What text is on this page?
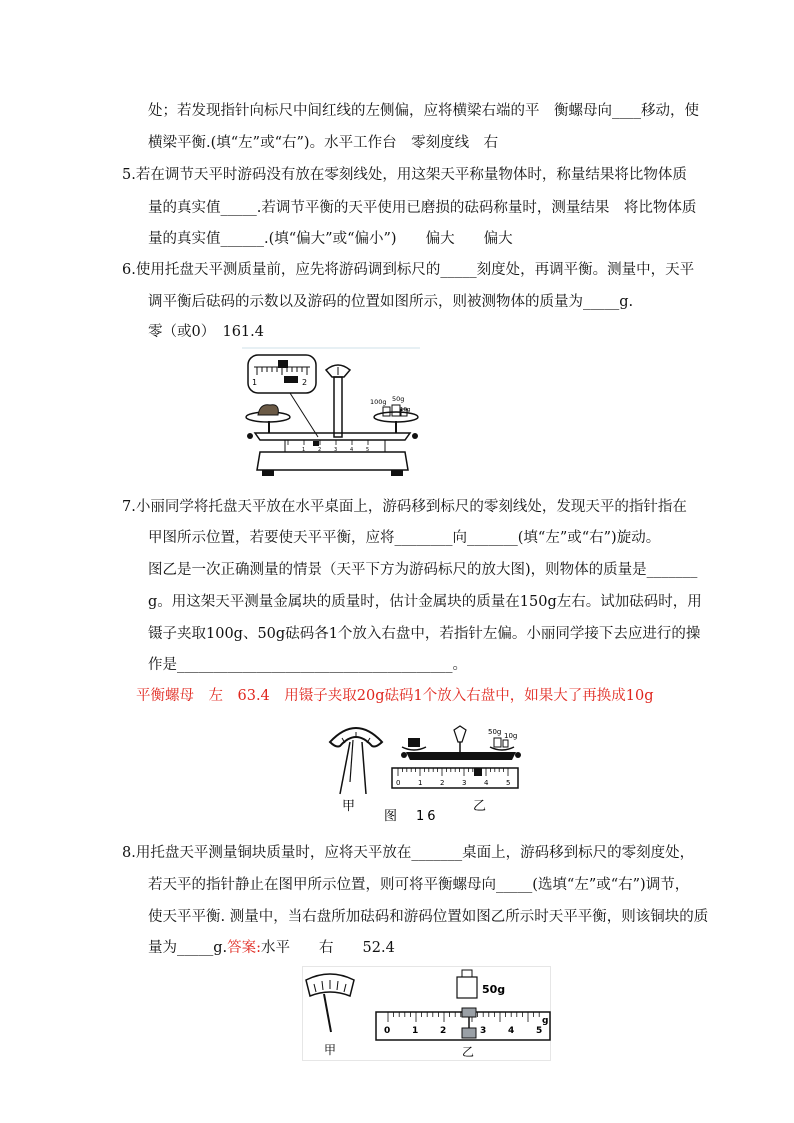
处；若发现指针向标尺中间红线的左侧偏，应将横梁右端的平　衡螺母向____移动，使
横梁平衡.(填“左”或“右”)。水平工作台　零刻度线　右
5.若在调节天平时游码没有放在零刻线处，用这架天平称量物体时，称量结果将比物体质
量的真实值_____.若调节平衡的天平使用已磨损的砝码称量时，测量结果　将比物体质
量的真实值______.(填“偏大”或“偏小”)　　偏大　　偏大
6.使用托盘天平测质量前，应先将游码调到标尺的_____刻度处，再调平衡。测量中，天平
调平衡后砝码的示数以及游码的位置如图所示，则被测物体的质量为_____g.
零（或0）　161.4
1	2
100g 50g
10g
1	2	3	4	5
7.小丽同学将托盘天平放在水平桌面上，游码移到标尺的零刻线处，发现天平的指针指在
甲图所示位置，若要使天平平衡，应将________向_______(填“左”或“右”)旋动。
图乙是一次正确测量的情景（天平下方为游码标尺的放大图)，则物体的质量是_______
g。用这架天平测量金属块的质量时，估计金属块的质量在150g左右。试加砝码时，用
镊子夹取100g、50g砝码各1个放入右盘中，若指针左偏。小丽同学接下去应进行的操
作是______________________________________。
平衡螺母　左　63.4　用镊子夹取20g砝码1个放入右盘中，如果大了再换成10g
甲
图　16
50g 10g
0	1	2	3	4	5
乙
8.用托盘天平测量铜块质量时，应将天平放在_______桌面上，游码移到标尺的零刻度处，
若天平的指针静止在图甲所示位置，则可将平衡螺母向_____(选填“左”或“右”)调节，
使天平平衡. 测量中，当右盘所加砝码和游码位置如图乙所示时天平平衡，则该铜块的质
量为_____g.答案:水平　　右　　52.4
甲
50g
0 1 2	3 4 5
g
乙
